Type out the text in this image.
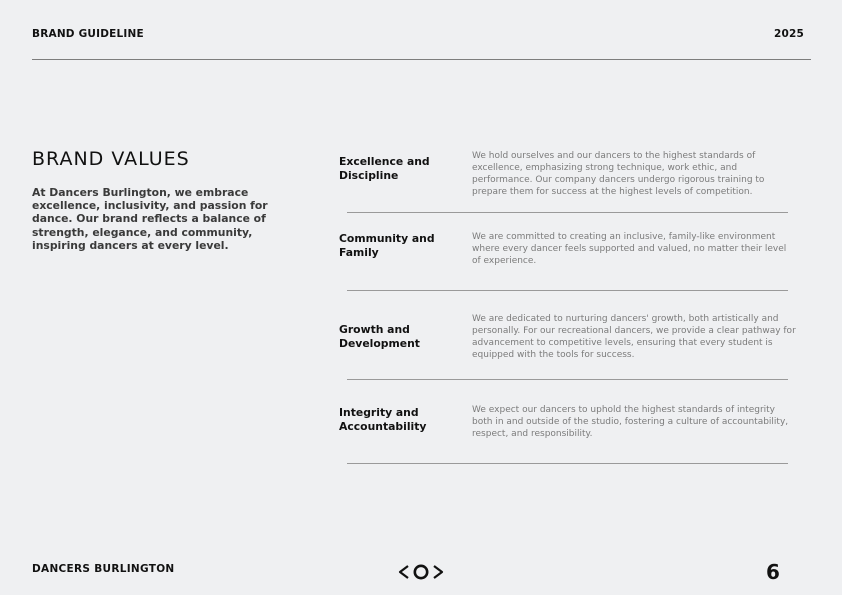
BRAND GUIDELINE	2025
BRAND VALUES
At Dancers Burlington, we embrace excellence, inclusivity, and passion for dance. Our brand reflects a balance of strength, elegance, and community, inspiring dancers at every level.
Excellence and Discipline
We hold ourselves and our dancers to the highest standards of excellence, emphasizing strong technique, work ethic, and performance. Our company dancers undergo rigorous training to prepare them for success at the highest levels of competition.
Community and Family
We are committed to creating an inclusive, family-like environment where every dancer feels supported and valued, no matter their level of experience.
Growth and Development
We are dedicated to nurturing dancers' growth, both artistically and personally. For our recreational dancers, we provide a clear pathway for advancement to competitive levels, ensuring that every student is equipped with the tools for success.
Integrity and Accountability
We expect our dancers to uphold the highest standards of integrity both in and outside of the studio, fostering a culture of accountability, respect, and responsibility.
DANCERS BURLINGTON	6
